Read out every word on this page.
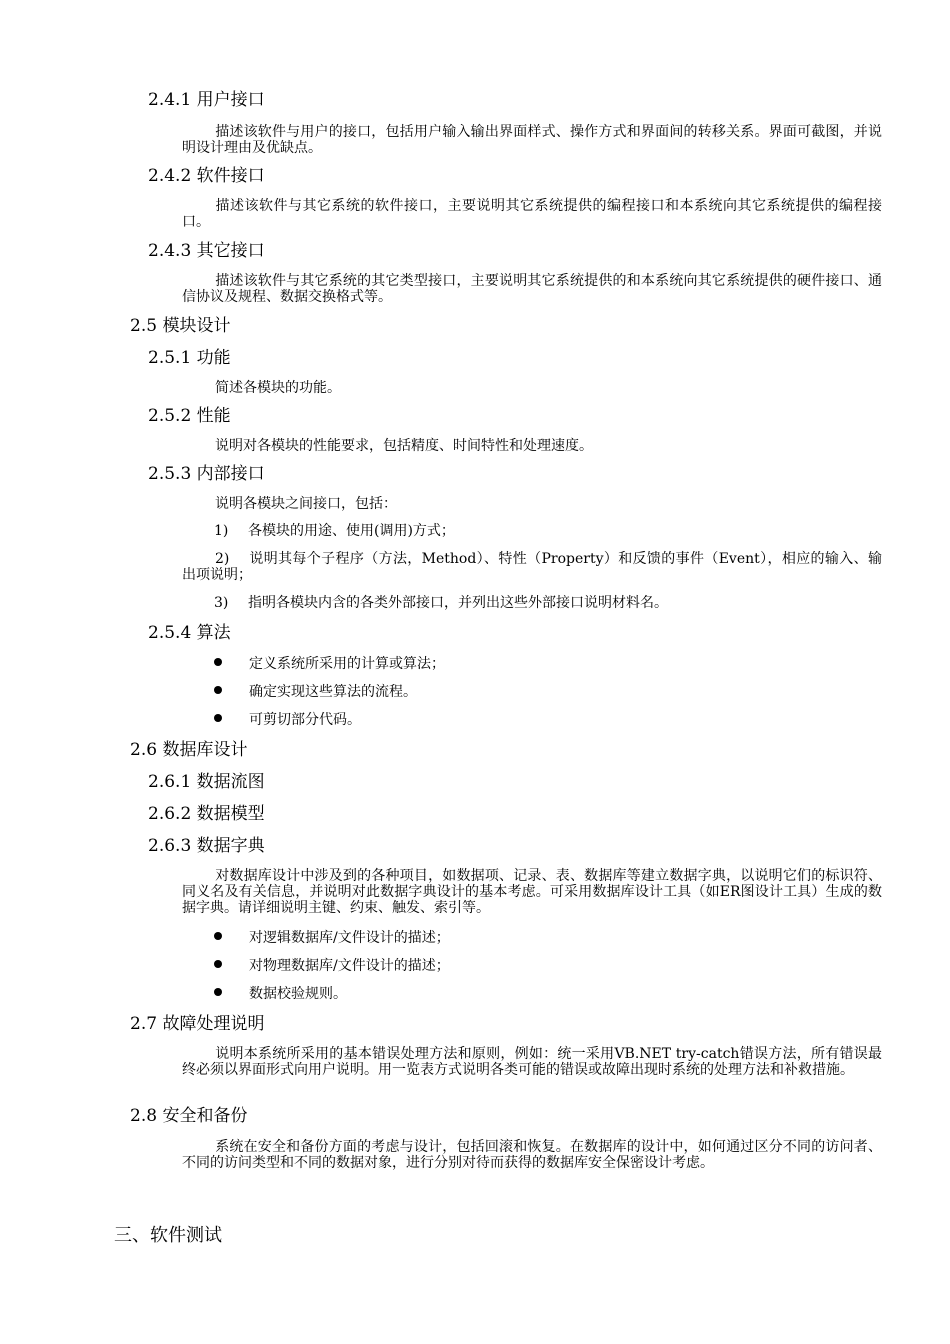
2.4.1 用户接口
描述该软件与用户的接口，包括用户输入输出界面样式、操作方式和界面间的转移关系。界面可截图，并说明设计理由及优缺点。
2.4.2 软件接口
描述该软件与其它系统的软件接口，主要说明其它系统提供的编程接口和本系统向其它系统提供的编程接口。
2.4.3 其它接口
描述该软件与其它系统的其它类型接口，主要说明其它系统提供的和本系统向其它系统提供的硬件接口、通信协议及规程、数据交换格式等。
2.5 模块设计
2.5.1 功能
简述各模块的功能。
2.5.2 性能
说明对各模块的性能要求，包括精度、时间特性和处理速度。
2.5.3 内部接口
说明各模块之间接口，包括：
1) 各模块的用途、使用(调用)方式；
2) 说明其每个子程序（方法，Method）、特性（Property）和反馈的事件（Event），相应的输入、输出项说明；
3) 指明各模块内含的各类外部接口，并列出这些外部接口说明材料名。
2.5.4 算法
定义系统所采用的计算或算法；
确定实现这些算法的流程。
可剪切部分代码。
2.6 数据库设计
2.6.1 数据流图
2.6.2 数据模型
2.6.3 数据字典
对数据库设计中涉及到的各种项目，如数据项、记录、表、数据库等建立数据字典，以说明它们的标识符、同义名及有关信息，并说明对此数据字典设计的基本考虑。可采用数据库设计工具（如ER图设计工具）生成的数据字典。请详细说明主键、约束、触发、索引等。
对逻辑数据库/文件设计的描述；
对物理数据库/文件设计的描述；
数据校验规则。
2.7 故障处理说明
说明本系统所采用的基本错误处理方法和原则，例如：统一采用VB.NET try-catch错误方法，所有错误最终必须以界面形式向用户说明。用一览表方式说明各类可能的错误或故障出现时系统的处理方法和补救措施。
2.8 安全和备份
系统在安全和备份方面的考虑与设计，包括回滚和恢复。在数据库的设计中，如何通过区分不同的访问者、不同的访问类型和不同的数据对象，进行分别对待而获得的数据库安全保密设计考虑。
三、软件测试
